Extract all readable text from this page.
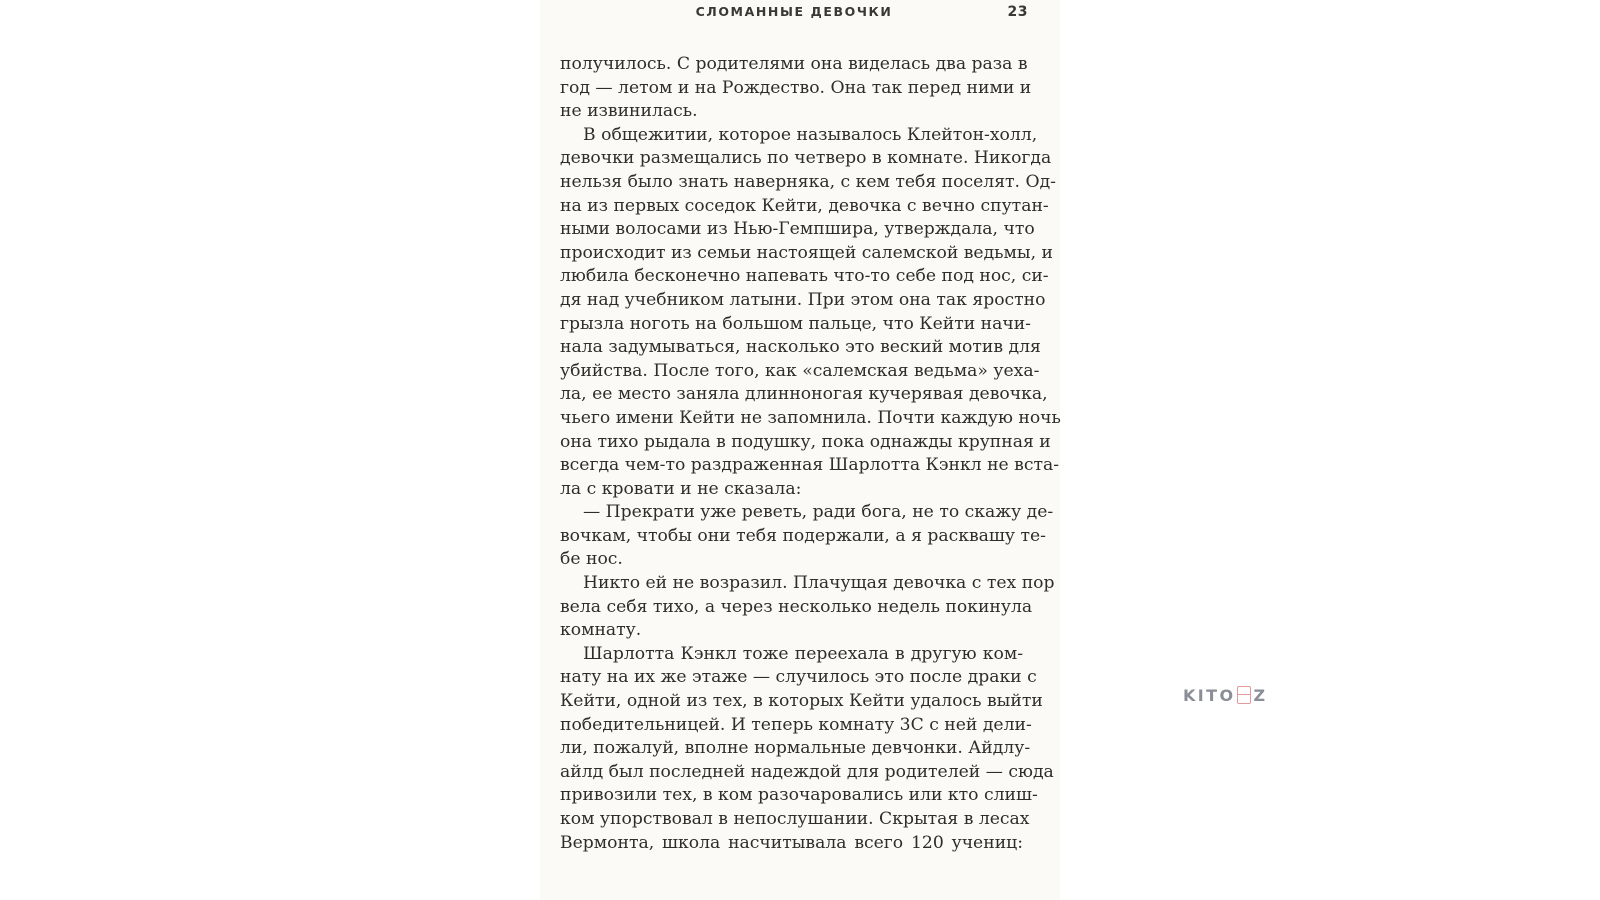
СЛОМАННЫЕ ДЕВОЧКИ	23
получилось. С родителями она виделась два раза в
год — летом и на Рождество. Она так перед ними и
не извинилась.
В общежитии, которое называлось Клейтон-холл,
девочки размещались по четверо в комнате. Никогда
нельзя было знать наверняка, с кем тебя поселят. Од-
на из первых соседок Кейти, девочка с вечно спутан-
ными волосами из Нью-Гемпшира, утверждала, что
происходит из семьи настоящей салемской ведьмы, и
любила бесконечно напевать что-то себе под нос, си-
дя над учебником латыни. При этом она так яростно
грызла ноготь на большом пальце, что Кейти начи-
нала задумываться, насколько это веский мотив для
убийства. После того, как «салемская ведьма» уеха-
ла, ее место заняла длинноногая кучерявая девочка,
чьего имени Кейти не запомнила. Почти каждую ночь
она тихо рыдала в подушку, пока однажды крупная и
всегда чем-то раздраженная Шарлотта Кэнкл не вста-
ла с кровати и не сказала:
— Прекрати уже реветь, ради бога, не то скажу де-
вочкам, чтобы они тебя подержали, а я расквашу те-
бе нос.
Никто ей не возразил. Плачущая девочка с тех пор
вела себя тихо, а через несколько недель покинула
комнату.
Шарлотта Кэнкл тоже переехала в другую ком-
нату на их же этаже — случилось это после драки с
Кейти, одной из тех, в которых Кейти удалось выйти
победительницей. И теперь комнату 3С с ней дели-
ли, пожалуй, вполне нормальные девчонки. Айдлу-
айлд был последней надеждой для родителей — сюда
привозили тех, в ком разочаровались или кто слиш-
ком упорствовал в непослушании. Скрытая в лесах
Вермонта, школа насчитывала всего 120 учениц:
KITO Z
